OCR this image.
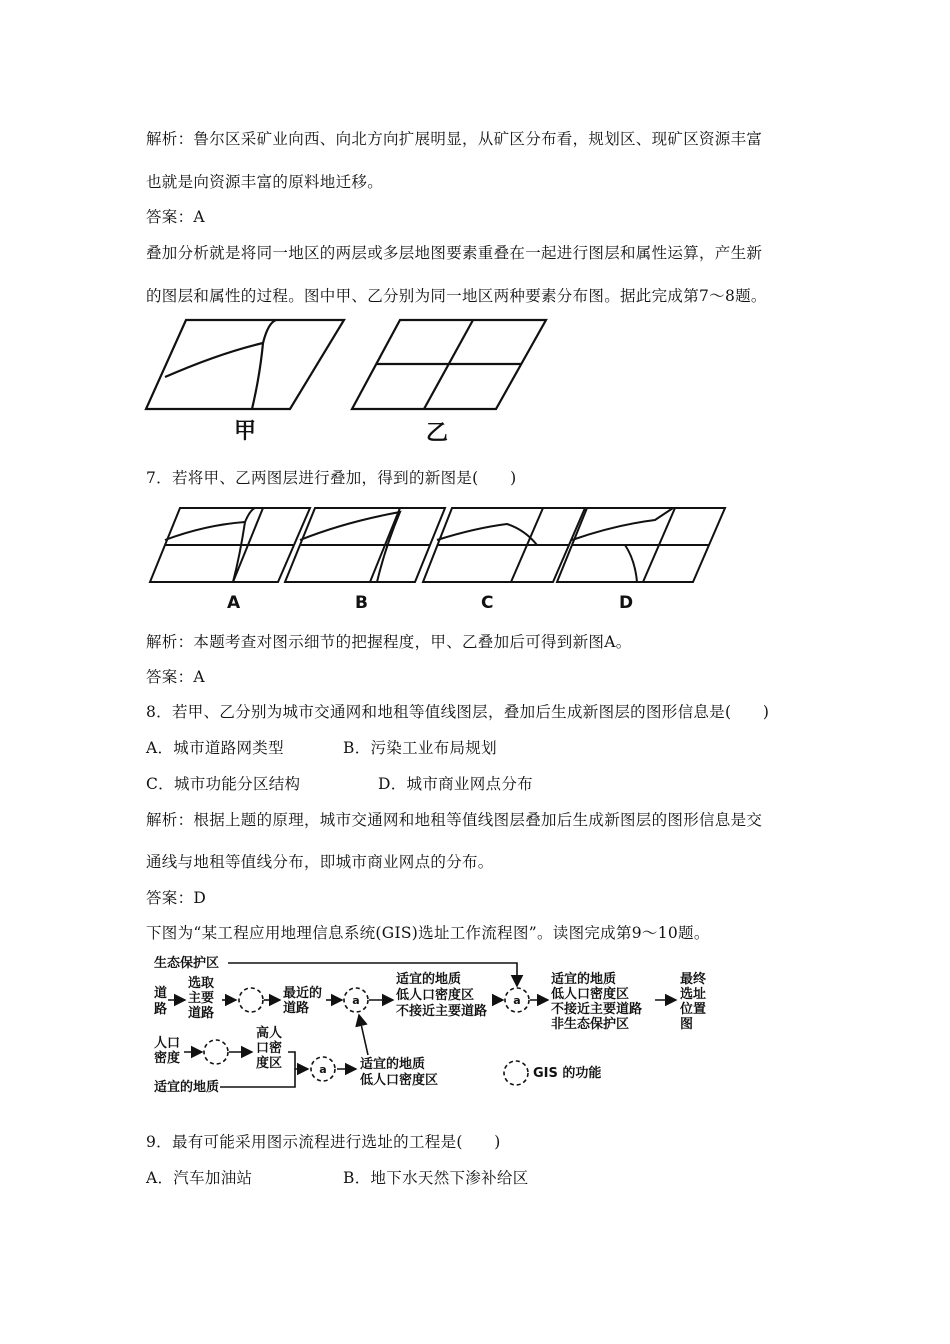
解析：鲁尔区采矿业向西、向北方向扩展明显，从矿区分布看，规划区、现矿区资源丰富
也就是向资源丰富的原料地迁移。
答案：A
叠加分析就是将同一地区的两层或多层地图要素重叠在一起进行图层和属性运算，产生新
的图层和属性的过程。图中甲、乙分别为同一地区两种要素分布图。据此完成第7～8题。
甲	乙
7．若将甲、乙两图层进行叠加，得到的新图是(　　)
A	B	C	D
解析：本题考查对图示细节的把握程度，甲、乙叠加后可得到新图A。
答案：A
8．若甲、乙分别为城市交通网和地租等值线图层，叠加后生成新图层的图形信息是(　　)
A．城市道路网类型	B．污染工业布局规划
C．城市功能分区结构	D．城市商业网点分布
解析：根据上题的原理，城市交通网和地租等值线图层叠加后生成新图层的图形信息是交
通线与地租等值线分布，即城市商业网点的分布。
答案：D
下图为“某工程应用地理信息系统(GIS)选址工作流程图”。读图完成第9～10题。
生态保护区
道
路
选取
主要
道路
最近的
道路
适宜的地质
低人口密度区
不接近主要道路
适宜的地质
低人口密度区
不接近主要道路
非生态保护区
最终
选址
位置
图
人口
密度
高人
口密
度区
适宜的地质
适宜的地质
低人口密度区	GIS 的功能
a	a
a
9．最有可能采用图示流程进行选址的工程是(　　)
A．汽车加油站	B．地下水天然下渗补给区
